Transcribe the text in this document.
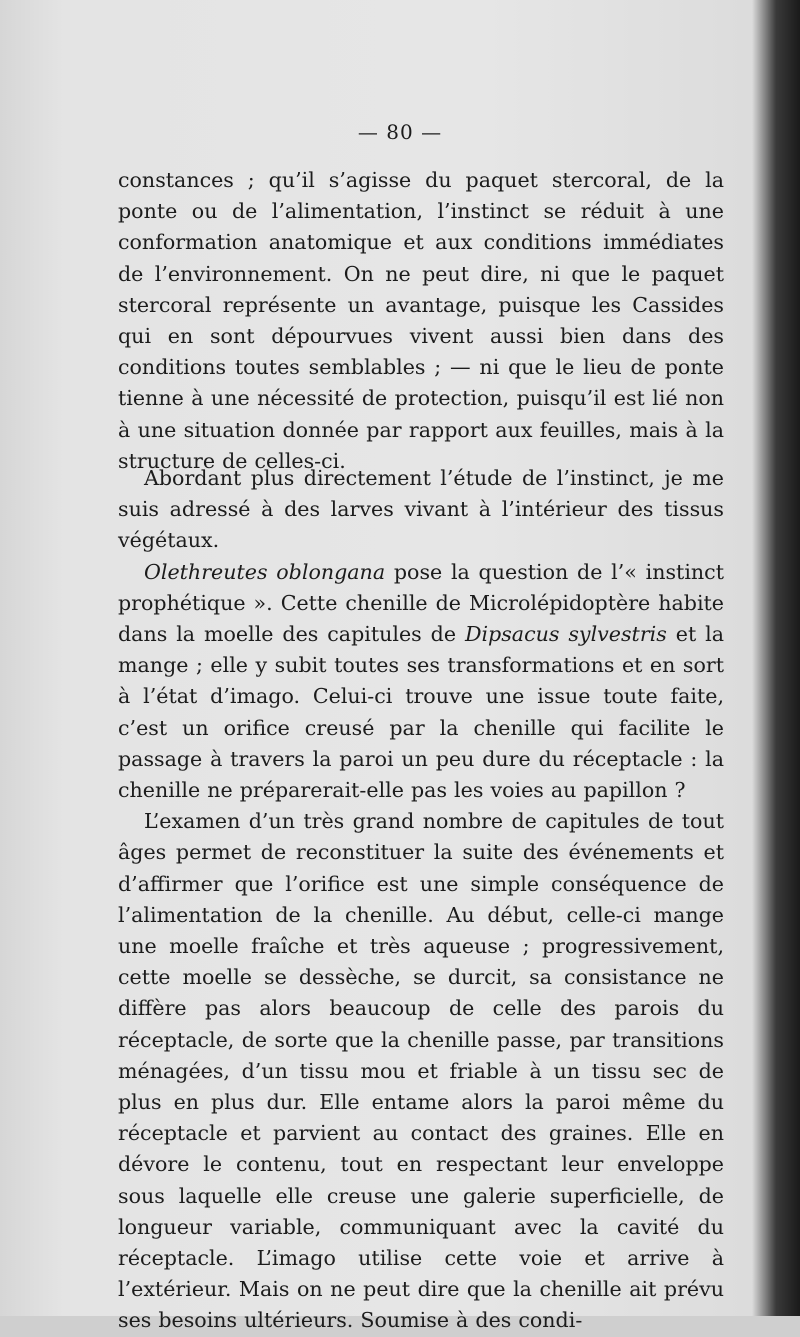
— 80 —

constances ; qu’il s’agisse du paquet stercoral, de la ponte ou de l’alimentation, l’instinct se réduit à une conformation anatomique et aux conditions immédiates de l’environnement. On ne peut dire, ni que le paquet stercoral représente un avantage, puisque les Cassides qui en sont dépourvues vivent aussi bien dans des conditions toutes semblables ; — ni que le lieu de ponte tienne à une nécessité de protection, puisqu’il est lié non à une situation donnée par rapport aux feuilles, mais à la structure de celles-ci.

Abordant plus directement l’étude de l’instinct, je me suis adressé à des larves vivant à l’intérieur des tissus végétaux.

Olethreutes oblongana pose la question de l’« instinct prophétique ». Cette chenille de Microlépidoptère habite dans la moelle des capitules de Dipsacus sylvestris et la mange ; elle y subit toutes ses transformations et en sort à l’état d’imago. Celui-ci trouve une issue toute faite, c’est un orifice creusé par la chenille qui facilite le passage à travers la paroi un peu dure du réceptacle : la chenille ne préparerait-elle pas les voies au papillon ?

L’examen d’un très grand nombre de capitules de tout âges permet de reconstituer la suite des événements et d’affirmer que l’orifice est une simple conséquence de l’alimentation de la chenille. Au début, celle-ci mange une moelle fraîche et très aqueuse ; progressivement, cette moelle se dessèche, se durcit, sa consistance ne diffère pas alors beaucoup de celle des parois du réceptacle, de sorte que la chenille passe, par transitions ménagées, d’un tissu mou et friable à un tissu sec de plus en plus dur. Elle entame alors la paroi même du réceptacle et parvient au contact des graines. Elle en dévore le contenu, tout en respectant leur enveloppe sous laquelle elle creuse une galerie superficielle, de longueur variable, communiquant avec la cavité du réceptacle. L’imago utilise cette voie et arrive à l’extérieur. Mais on ne peut dire que la chenille ait prévu ses besoins ultérieurs. Soumise à des condi-
